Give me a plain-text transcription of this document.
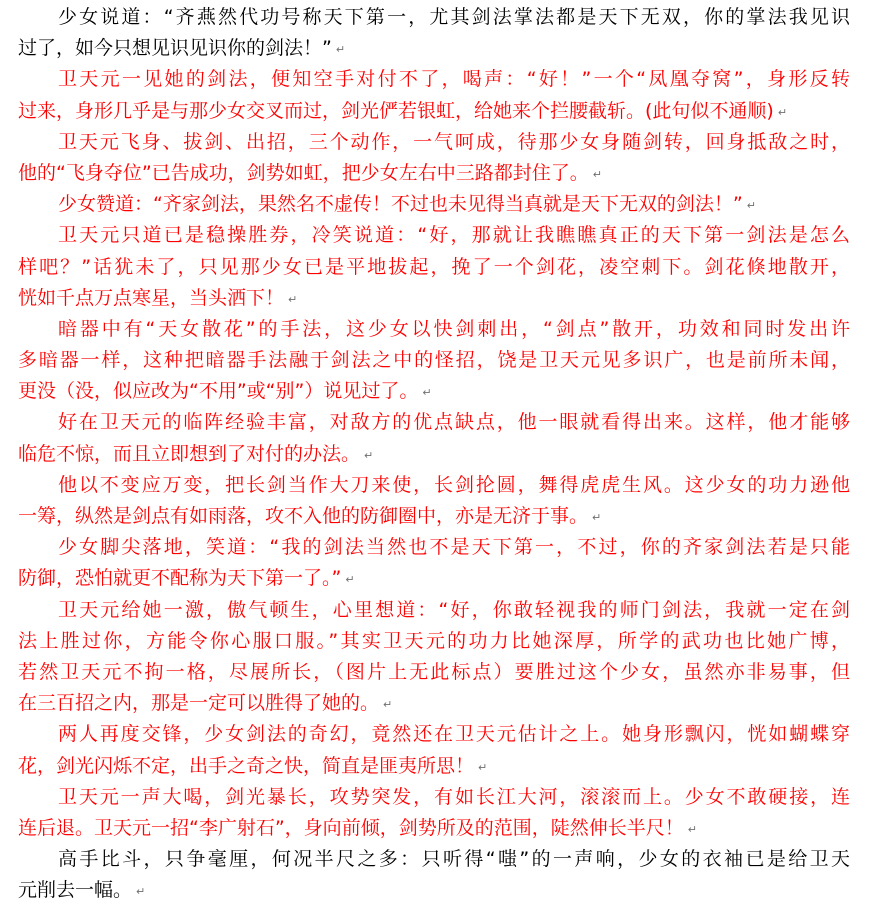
少女说道：“齐燕然代功号称天下第一，尤其剑法掌法都是天下无双，你的掌法我见识
过了，如今只想见识见识你的剑法！” ↵
卫天元一见她的剑法，便知空手对付不了，喝声：“好！”一个“凤凰夺窝”，身形反转
过来，身形几乎是与那少女交叉而过，剑光俨若银虹，给她来个拦腰截斩。(此句似不通顺) ↵
卫天元飞身、拔剑、出招，三个动作，一气呵成，待那少女身随剑转，回身抵敌之时，
他的“飞身夺位”已告成功，剑势如虹，把少女左右中三路都封住了。 ↵
少女赞道：“齐家剑法，果然名不虚传！不过也未见得当真就是天下无双的剑法！” ↵
卫天元只道已是稳操胜券，冷笑说道：“好，那就让我瞧瞧真正的天下第一剑法是怎么
样吧？”话犹未了，只见那少女已是平地拔起，挽了一个剑花，凌空刺下。剑花倏地散开，
恍如千点万点寒星，当头洒下！ ↵
暗器中有“天女散花”的手法，这少女以快剑刺出，“剑点”散开，功效和同时发出许
多暗器一样，这种把暗器手法融于剑法之中的怪招，饶是卫天元见多识广，也是前所未闻，
更没（没，似应改为“不用”或“别”）说见过了。 ↵
好在卫天元的临阵经验丰富，对敌方的优点缺点，他一眼就看得出来。这样，他才能够
临危不惊，而且立即想到了对付的办法。 ↵
他以不变应万变，把长剑当作大刀来使，长剑抡圆，舞得虎虎生风。这少女的功力逊他
一筹，纵然是剑点有如雨落，攻不入他的防御圈中，亦是无济于事。 ↵
少女脚尖落地，笑道：“我的剑法当然也不是天下第一，不过，你的齐家剑法若是只能
防御，恐怕就更不配称为天下第一了。” ↵
卫天元给她一激，傲气顿生，心里想道：“好，你敢轻视我的师门剑法，我就一定在剑
法上胜过你，方能令你心服口服。”其实卫天元的功力比她深厚，所学的武功也比她广博，
若然卫天元不拘一格，尽展所长，（图片上无此标点）要胜过这个少女，虽然亦非易事，但
在三百招之内，那是一定可以胜得了她的。 ↵
两人再度交锋，少女剑法的奇幻，竟然还在卫天元估计之上。她身形飘闪，恍如蝴蝶穿
花，剑光闪烁不定，出手之奇之快，简直是匪夷所思！ ↵
卫天元一声大喝，剑光暴长，攻势突发，有如长江大河，滚滚而上。少女不敢硬接，连
连后退。卫天元一招“李广射石”，身向前倾，剑势所及的范围，陡然伸长半尺！ ↵
高手比斗，只争毫厘，何况半尺之多：只听得“嗤”的一声响，少女的衣袖已是给卫天
元削去一幅。 ↵
